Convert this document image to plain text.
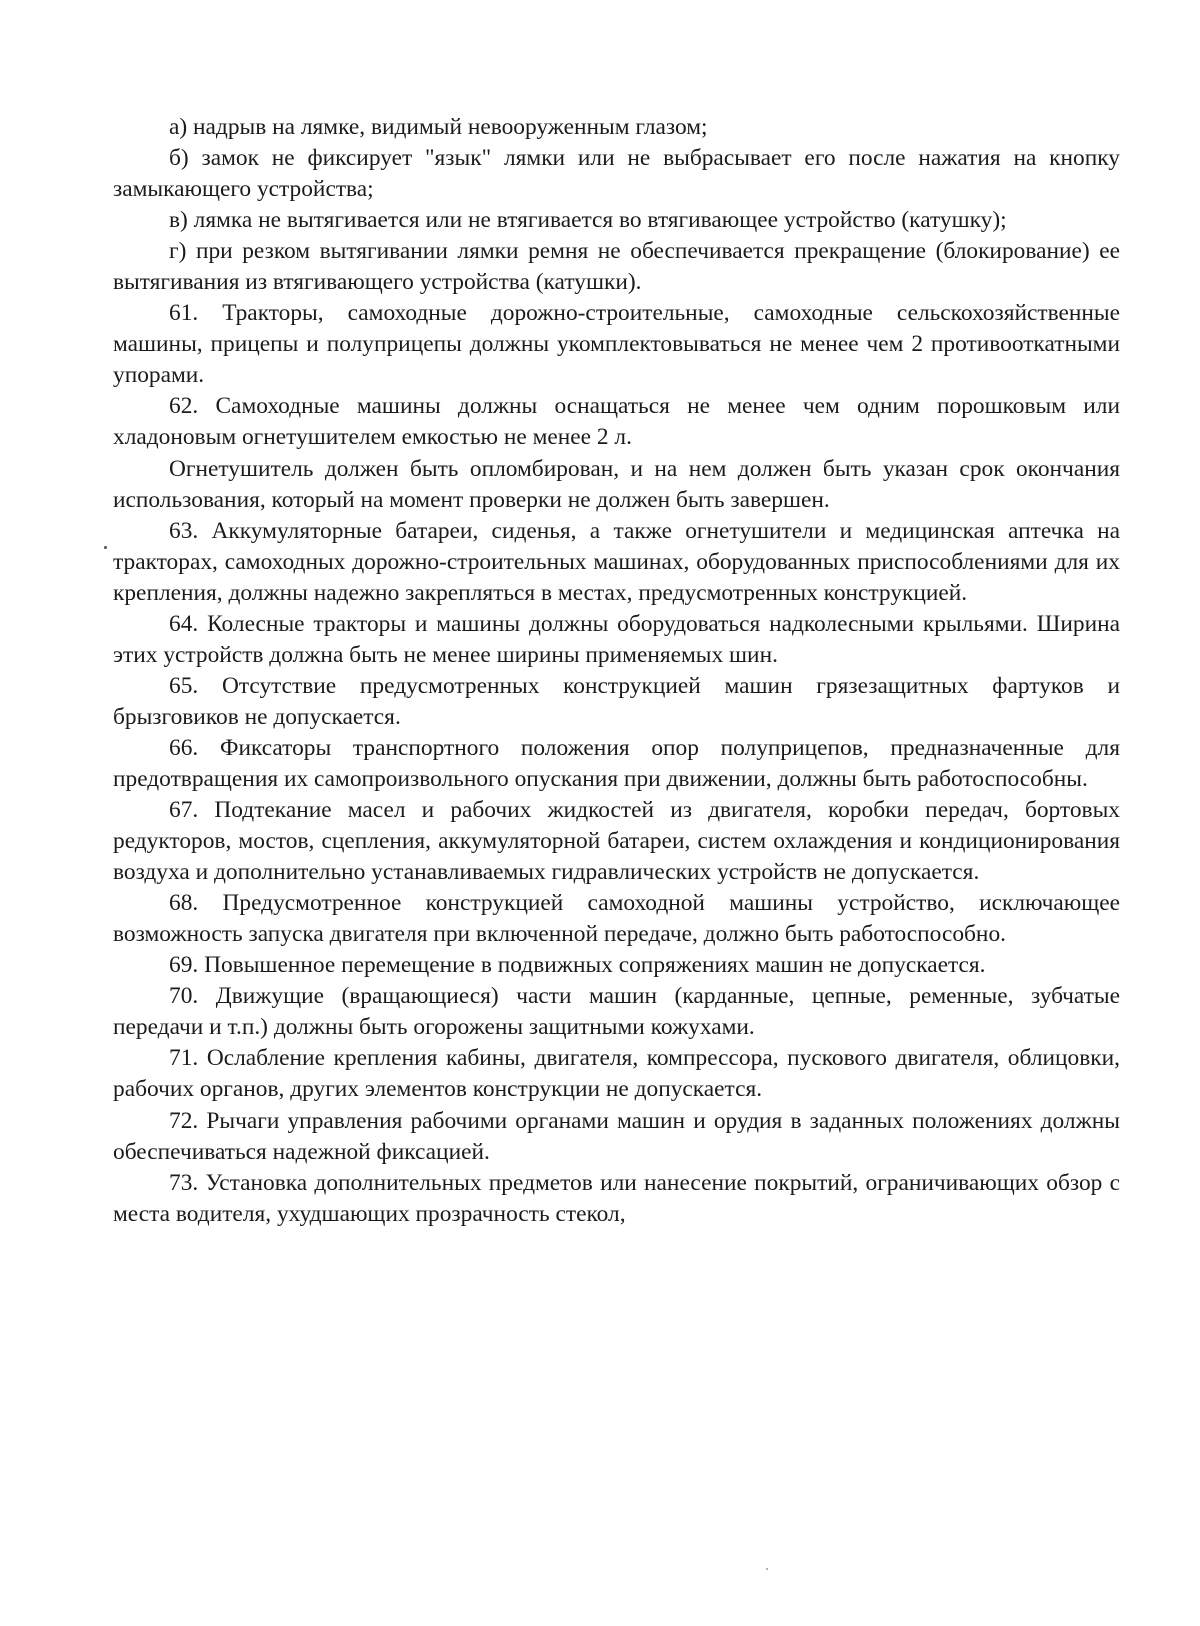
а) надрыв на лямке, видимый невооруженным глазом;

б) замок не фиксирует "язык" лямки или не выбрасывает его после нажатия на кнопку замыкающего устройства;

в) лямка не вытягивается или не втягивается во втягивающее устройство (катушку);

г) при резком вытягивании лямки ремня не обеспечивается прекращение (блокирование) ее вытягивания из втягивающего устройства (катушки).

61. Тракторы, самоходные дорожно-строительные, самоходные сельскохозяйственные машины, прицепы и полуприцепы должны укомплектовываться не менее чем 2 противооткатными упорами.

62. Самоходные машины должны оснащаться не менее чем одним порошковым или хладоновым огнетушителем емкостью не менее 2 л.

Огнетушитель должен быть опломбирован, и на нем должен быть указан срок окончания использования, который на момент проверки не должен быть завершен.

63. Аккумуляторные батареи, сиденья, а также огнетушители и медицинская аптечка на тракторах, самоходных дорожно-строительных машинах, оборудованных приспособлениями для их крепления, должны надежно закрепляться в местах, предусмотренных конструкцией.

64. Колесные тракторы и машины должны оборудоваться надколесными крыльями. Ширина этих устройств должна быть не менее ширины применяемых шин.

65. Отсутствие предусмотренных конструкцией машин грязезащитных фартуков и брызговиков не допускается.

66. Фиксаторы транспортного положения опор полуприцепов, предназначенные для предотвращения их самопроизвольного опускания при движении, должны быть работоспособны.

67. Подтекание масел и рабочих жидкостей из двигателя, коробки передач, бортовых редукторов, мостов, сцепления, аккумуляторной батареи, систем охлаждения и кондиционирования воздуха и дополнительно устанавливаемых гидравлических устройств не допускается.

68. Предусмотренное конструкцией самоходной машины устройство, исключающее возможность запуска двигателя при включенной передаче, должно быть работоспособно.

69. Повышенное перемещение в подвижных сопряжениях машин не допускается.

70. Движущие (вращающиеся) части машин (карданные, цепные, ременные, зубчатые передачи и т.п.) должны быть огорожены защитными кожухами.

71. Ослабление крепления кабины, двигателя, компрессора, пускового двигателя, облицовки, рабочих органов, других элементов конструкции не допускается.

72. Рычаги управления рабочими органами машин и орудия в заданных положениях должны обеспечиваться надежной фиксацией.

73. Установка дополнительных предметов или нанесение покрытий, ограничивающих обзор с места водителя, ухудшающих прозрачность стекол,
